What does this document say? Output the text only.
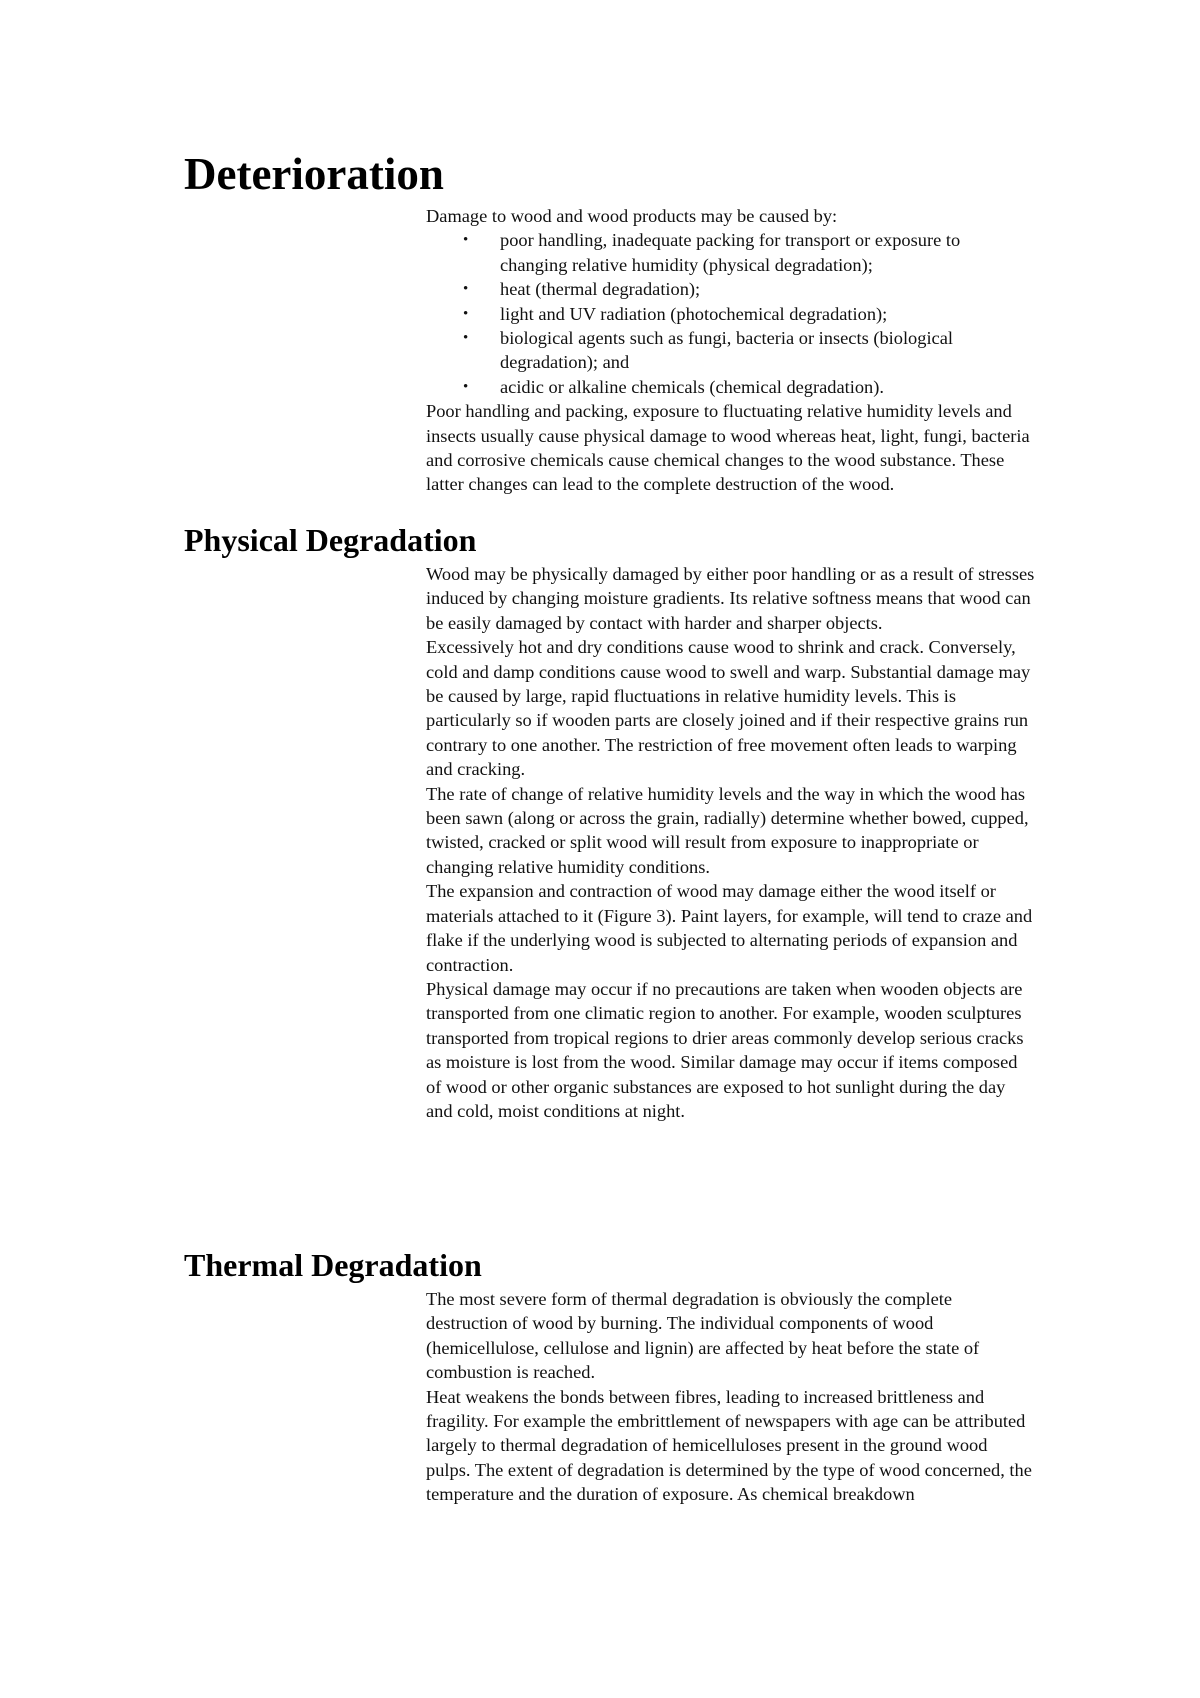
Deterioration

Damage to wood and wood products may be caused by:

• poor handling, inadequate packing for transport or exposure to changing relative humidity (physical degradation);
• heat (thermal degradation);
• light and UV radiation (photochemical degradation);
• biological agents such as fungi, bacteria or insects (biological degradation); and
• acidic or alkaline chemicals (chemical degradation).

Poor handling and packing, exposure to fluctuating relative humidity levels and insects usually cause physical damage to wood whereas heat, light, fungi, bacteria and corrosive chemicals cause chemical changes to the wood substance. These latter changes can lead to the complete destruction of the wood.

Physical Degradation

Wood may be physically damaged by either poor handling or as a result of stresses induced by changing moisture gradients. Its relative softness means that wood can be easily damaged by contact with harder and sharper objects.

Excessively hot and dry conditions cause wood to shrink and crack. Conversely, cold and damp conditions cause wood to swell and warp. Substantial damage may be caused by large, rapid fluctuations in relative humidity levels. This is particularly so if wooden parts are closely joined and if their respective grains run contrary to one another. The restriction of free movement often leads to warping and cracking.

The rate of change of relative humidity levels and the way in which the wood has been sawn (along or across the grain, radially) determine whether bowed, cupped, twisted, cracked or split wood will result from exposure to inappropriate or changing relative humidity conditions.

The expansion and contraction of wood may damage either the wood itself or materials attached to it (Figure 3). Paint layers, for example, will tend to craze and flake if the underlying wood is subjected to alternating periods of expansion and contraction.

Physical damage may occur if no precautions are taken when wooden objects are transported from one climatic region to another. For example, wooden sculptures transported from tropical regions to drier areas commonly develop serious cracks as moisture is lost from the wood. Similar damage may occur if items composed of wood or other organic substances are exposed to hot sunlight during the day and cold, moist conditions at night.

Thermal Degradation

The most severe form of thermal degradation is obviously the complete destruction of wood by burning. The individual components of wood (hemicellulose, cellulose and lignin) are affected by heat before the state of combustion is reached.

Heat weakens the bonds between fibres, leading to increased brittleness and fragility. For example the embrittlement of newspapers with age can be attributed largely to thermal degradation of hemicelluloses present in the ground wood pulps. The extent of degradation is determined by the type of wood concerned, the temperature and the duration of exposure. As chemical breakdown
